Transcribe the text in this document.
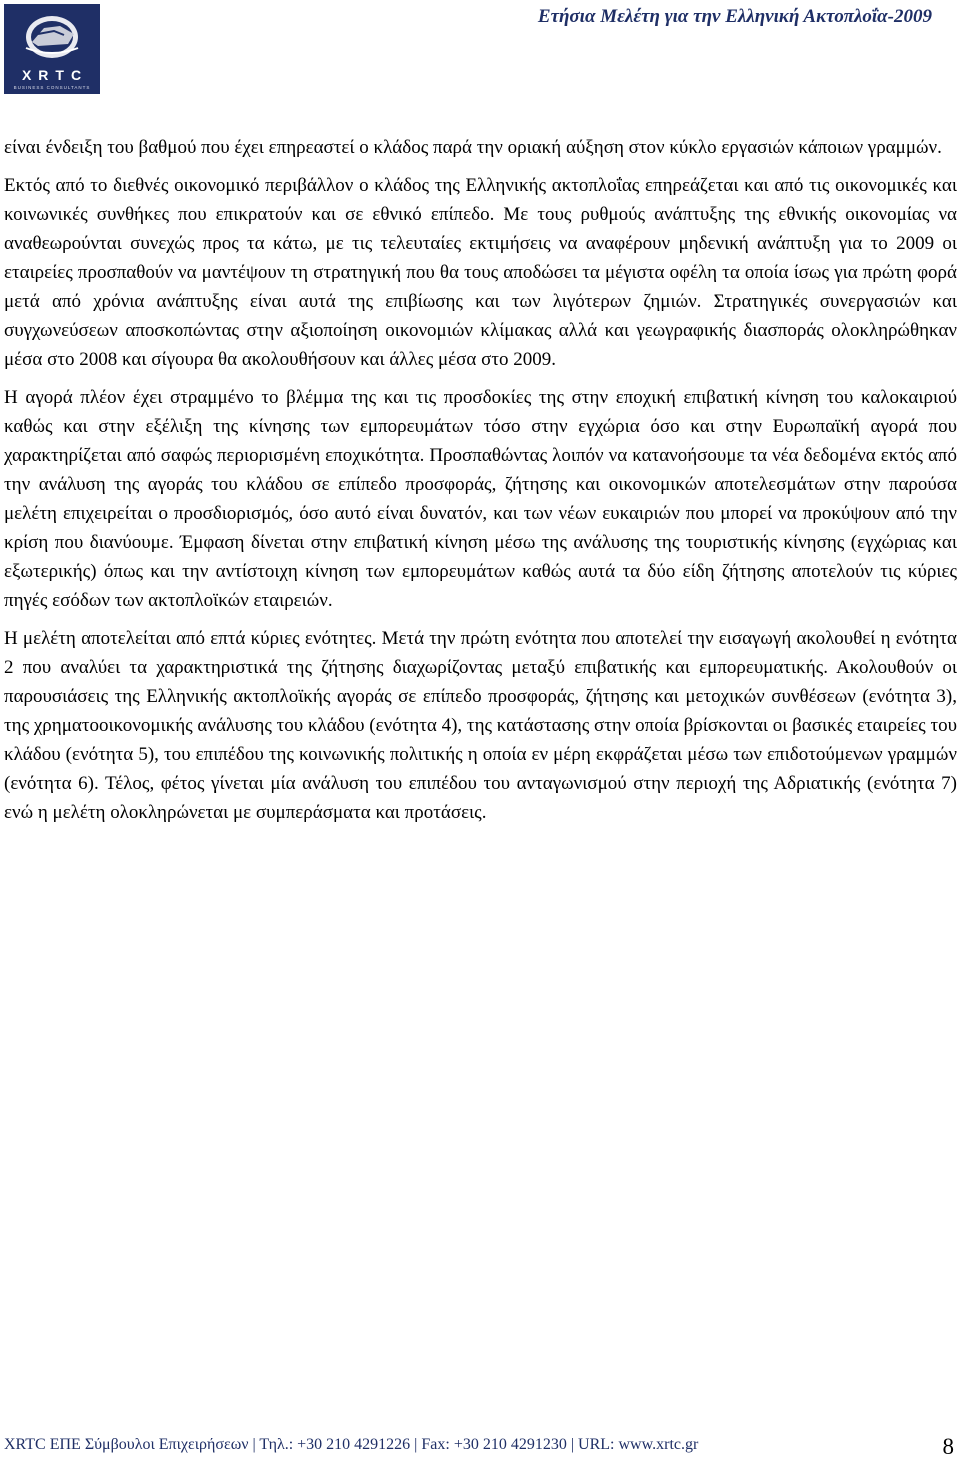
XRTC
BUSINESS CONSULTANTS
Ετήσια Μελέτη για την Ελληνική Ακτοπλοΐα-2009

είναι ένδειξη του βαθμού που έχει επηρεαστεί ο κλάδος παρά την οριακή αύξηση στον κύκλο εργασιών κάποιων γραμμών.

Εκτός από το διεθνές οικονομικό περιβάλλον ο κλάδος της Ελληνικής ακτοπλοΐας επηρεάζεται και από τις οικονομικές και κοινωνικές συνθήκες που επικρατούν και σε εθνικό επίπεδο. Με τους ρυθμούς ανάπτυξης της εθνικής οικονομίας να αναθεωρούνται συνεχώς προς τα κάτω, με τις τελευταίες εκτιμήσεις να αναφέρουν μηδενική ανάπτυξη για το 2009 οι εταιρείες προσπαθούν να μαντέψουν τη στρατηγική που θα τους αποδώσει τα μέγιστα οφέλη τα οποία ίσως για πρώτη φορά μετά από χρόνια ανάπτυξης είναι αυτά της επιβίωσης και των λιγότερων ζημιών. Στρατηγικές συνεργασιών και συγχωνεύσεων αποσκοπώντας στην αξιοποίηση οικονομιών κλίμακας αλλά και γεωγραφικής διασποράς ολοκληρώθηκαν μέσα στο 2008 και σίγουρα θα ακολουθήσουν και άλλες μέσα στο 2009.

Η αγορά πλέον έχει στραμμένο το βλέμμα της και τις προσδοκίες της στην εποχική επιβατική κίνηση του καλοκαιριού καθώς και στην εξέλιξη της κίνησης των εμπορευμάτων τόσο στην εγχώρια όσο και στην Ευρωπαϊκή αγορά που χαρακτηρίζεται από σαφώς περιορισμένη εποχικότητα. Προσπαθώντας λοιπόν να κατανοήσουμε τα νέα δεδομένα εκτός από την ανάλυση της αγοράς του κλάδου σε επίπεδο προσφοράς, ζήτησης και οικονομικών αποτελεσμάτων στην παρούσα μελέτη επιχειρείται ο προσδιορισμός, όσο αυτό είναι δυνατόν, και των νέων ευκαιριών που μπορεί να προκύψουν από την κρίση που διανύουμε. Έμφαση δίνεται στην επιβατική κίνηση μέσω της ανάλυσης της τουριστικής κίνησης (εγχώριας και εξωτερικής) όπως και την αντίστοιχη κίνηση των εμπορευμάτων καθώς αυτά τα δύο είδη ζήτησης αποτελούν τις κύριες πηγές εσόδων των ακτοπλοϊκών εταιρειών.

Η μελέτη αποτελείται από επτά κύριες ενότητες. Μετά την πρώτη ενότητα που αποτελεί την εισαγωγή ακολουθεί η ενότητα 2 που αναλύει τα χαρακτηριστικά της ζήτησης διαχωρίζοντας μεταξύ επιβατικής και εμπορευματικής. Ακολουθούν οι παρουσιάσεις της Ελληνικής ακτοπλοϊκής αγοράς σε επίπεδο προσφοράς, ζήτησης και μετοχικών συνθέσεων (ενότητα 3), της χρηματοοικονομικής ανάλυσης του κλάδου (ενότητα 4), της κατάστασης στην οποία βρίσκονται οι βασικές εταιρείες του κλάδου (ενότητα 5), του επιπέδου της κοινωνικής πολιτικής η οποία εν μέρη εκφράζεται μέσω των επιδοτούμενων γραμμών (ενότητα 6). Τέλος, φέτος γίνεται μία ανάλυση του επιπέδου του ανταγωνισμού στην περιοχή της Αδριατικής (ενότητα 7) ενώ η μελέτη ολοκληρώνεται με συμπεράσματα και προτάσεις.

XRTC ΕΠΕ Σύμβουλοι Επιχειρήσεων | Τηλ.: +30 210 4291226 | Fax: +30 210 4291230 | URL: www.xrtc.gr	8
